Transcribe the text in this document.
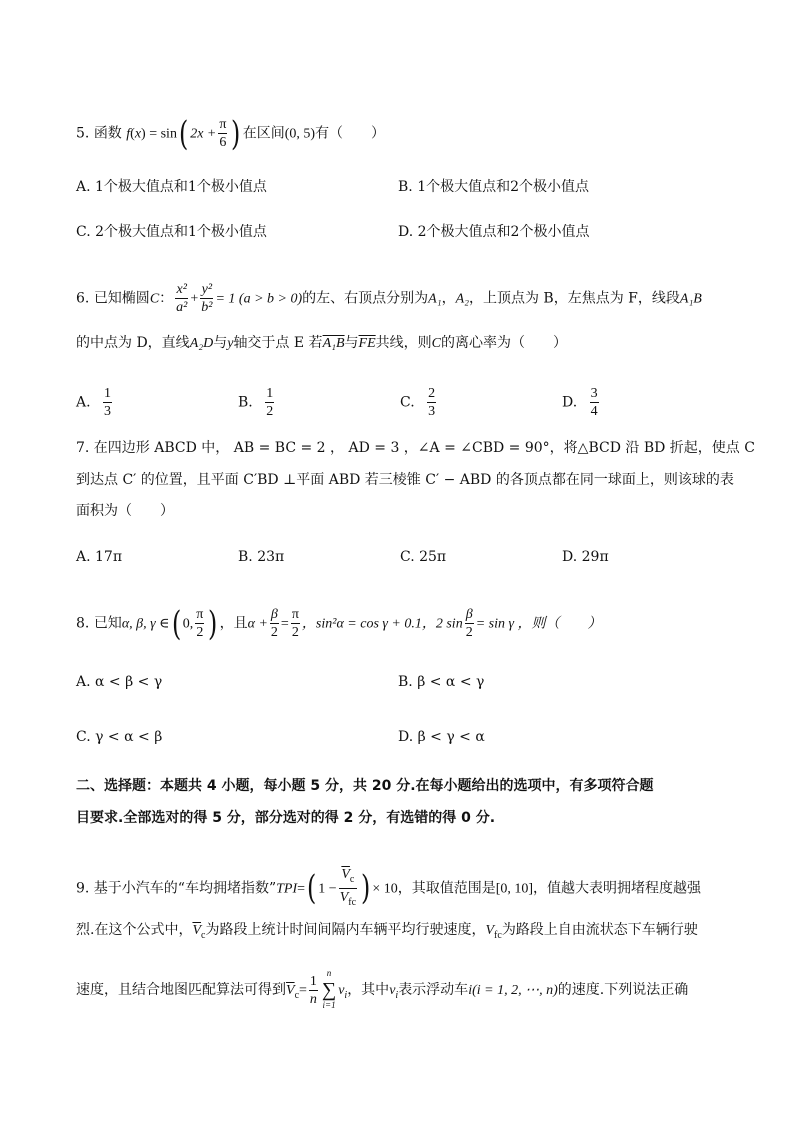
5. 函数 f(x) = sin( $2x + \frac{\pi}{6}$ ) 在区间(0, 5)有（　　）
A. 1个极大值点和1个极小值点	B. 1个极大值点和2个极小值点
C. 2个极大值点和1个极小值点	D. 2个极大值点和2个极小值点
6. 已知椭圆C： $\frac{\text{x²}}{\text{a²}} + \frac{\text{y²}}{\text{b²}} = 1$ (a > b > 0)的左、右顶点分别为A₁，A₂，上顶点为 B，左焦点为 F，线段A₁B
的中点为 D，直线A₂D与y轴交于点 E 若A₁B与$\overline{FE}$共线，则C的离心率为（　　）
A. $\frac{1}{3}$	B. $\frac{1}{2}$	C. $\frac{2}{3}$	D. $\frac{3}{4}$
7. 在四边形 ABCD 中， AB = BC = 2 ， AD = 3 ，∠A = ∠CBD = 90°，将△BCD 沿 BD 折起，使点 C
到达点 C′ 的位置，且平面 C′BD ⊥平面 ABD 若三棱锥 C′ − ABD 的各顶点都在同一球面上，则该球的表
面积为（　　）
A. 17π	B. 23π	C. 25π	D. 29π
8. 已知α, β, γ ∈( 0, $\frac{\pi}{2}$ ) ，且$\alpha + \frac{\beta}{2} = \frac{\pi}{2}$ ，sin²α = cos γ + 0.1，2 $\sin \frac{\beta}{2} = \sin \gamma$ ，则（　　）
A. α < β < γ	B. β < α < γ
C. γ < α < β	D. β < γ < α
二、选择题：本题共 4 小题，每小题 5 分，共 20 分.在每小题给出的选项中，有多项符合题
目要求.全部选对的得 5 分，部分选对的得 2 分，有选错的得 0 分.
9. 基于小汽车的“车均拥堵指数”TPI=( $1 - \frac{\overline{V}_c}{V_{fc}}$ ) × 10，其取值范围是[0, 10]，值越大表明拥堵程度越强
烈.在这个公式中，$\overline{V}_c$为路段上统计时间间隔内车辆平均行驶速度，$V_{fc}$为路段上自由流状态下车辆行驶
速度，且结合地图匹配算法可得到$\overline{V}_c= \frac{1}{n}$ n
∑
$i=1v_i$，其中$v_i$表示浮动车i(i = 1, 2, ⋯, n)的速度.下列说法正确
